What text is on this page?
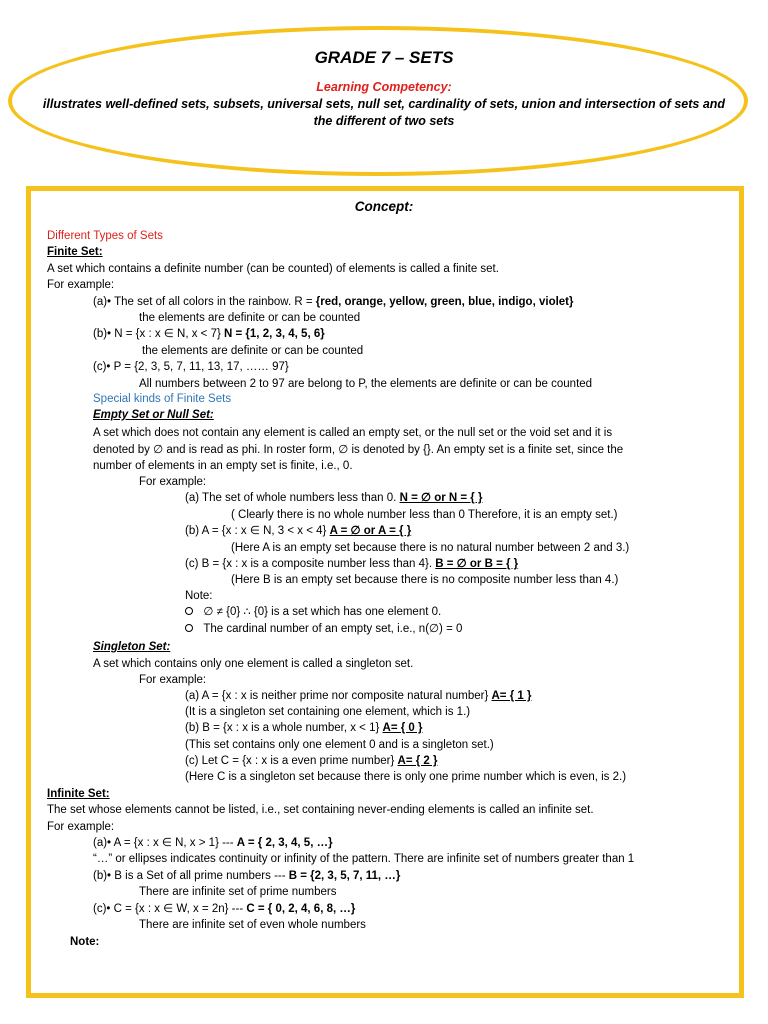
GRADE 7 – SETS
Learning Competency:
illustrates well-defined sets, subsets, universal sets, null set, cardinality of sets, union and intersection of sets and the different of two sets
Concept:
Different Types of Sets
Finite Set:
A set which contains a definite number (can be counted) of elements is called a finite set.
For example:
(a)• The set of all colors in the rainbow. R = {red, orange, yellow, green, blue, indigo, violet}
the elements are definite or can be counted
(b)• N = {x : x ∈ N, x < 7} N = {1, 2, 3, 4, 5, 6}
the elements are definite or can be counted
(c)• P = {2, 3, 5, 7, 11, 13, 17, …… 97}
All numbers between 2 to 97 are belong to P, the elements are definite or can be counted
Special kinds of Finite Sets
Empty Set or Null Set:
A set which does not contain any element is called an empty set, or the null set or the void set and it is
denoted by ∅ and is read as phi. In roster form, ∅ is denoted by {}. An empty set is a finite set, since the
number of elements in an empty set is finite, i.e., 0.
For example:
(a) The set of whole numbers less than 0. N = ∅ or N = { }
( Clearly there is no whole number less than 0 Therefore, it is an empty set.)
(b) A = {x : x ∈ N, 3 < x < 4} A = ∅ or A = { }
(Here A is an empty set because there is no natural number between 2 and 3.)
(c) B = {x : x is a composite number less than 4}. B = ∅ or B = { }
(Here B is an empty set because there is no composite number less than 4.)
Note:
∅ ≠ {0} ∴ {0} is a set which has one element 0.
The cardinal number of an empty set, i.e., n(∅) = 0
Singleton Set:
A set which contains only one element is called a singleton set.
For example:
(a) A = {x : x is neither prime nor composite natural number} A= { 1 }
(It is a singleton set containing one element, which is 1.)
(b) B = {x : x is a whole number, x < 1} A= { 0 }
(This set contains only one element 0 and is a singleton set.)
(c) Let C = {x : x is a even prime number} A= { 2 }
(Here C is a singleton set because there is only one prime number which is even, is 2.)
Infinite Set:
The set whose elements cannot be listed, i.e., set containing never-ending elements is called an infinite set.
For example:
(a)• A = {x : x ∈ N, x > 1} --- A = { 2, 3, 4, 5, …}
“…” or ellipses indicates continuity or infinity of the pattern. There are infinite set of numbers greater than 1
(b)• B is a Set of all prime numbers --- B = {2, 3, 5, 7, 11, …}
There are infinite set of prime numbers
(c)• C = {x : x ∈ W, x = 2n} --- C = { 0, 2, 4, 6, 8, …}
There are infinite set of even whole numbers
Note:
